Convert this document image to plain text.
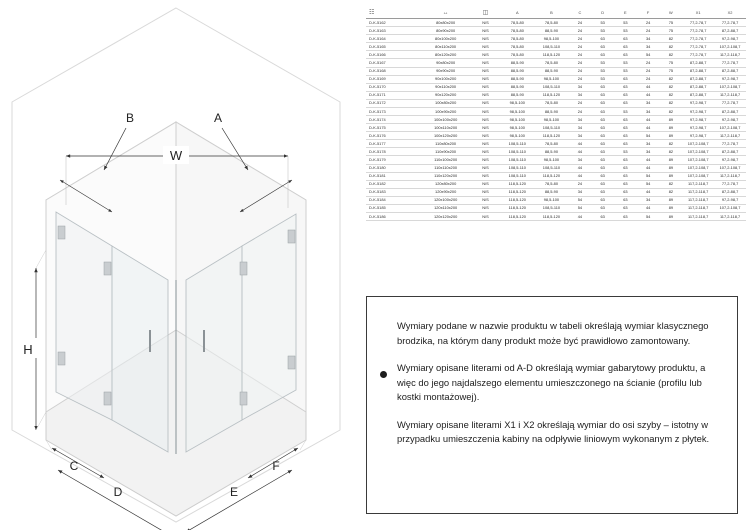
W
A
B
H
C
D
F
E
☷	↔	◫	A	B	C	D	E	F	W	X1	X2
D-K-5162	80x80x200	N/S	78,5-80	78,5-80	24	53	53	24	75	77,2-78,7	77,2-78,7
D-K-5163	80x90x200	N/S	78,5-80	88,5-90	24	53	53	24	75	77,2-78,7	87,2-88,7
D-K-5164	80x100x200	N/S	78,5-80	98,5-100	24	63	63	34	82	77,2-78,7	97,2-98,7
D-K-5165	80x110x200	N/S	78,5-80	108,5-110	24	63	63	34	82	77,2-78,7	107,2-108,7
D-K-5166	80x120x200	N/S	78,5-80	118,5-120	24	63	63	54	82	77,2-78,7	117,2-118,7
D-K-5167	90x80x200	N/S	88,5-90	78,5-80	24	53	53	24	75	87,2-88,7	77,2-78,7
D-K-5168	90x90x200	N/S	88,5-90	88,5-90	24	53	53	24	75	87,2-88,7	87,2-88,7
D-K-5169	90x100x200	N/S	88,5-90	98,5-100	24	53	63	24	82	87,2-88,7	97,2-98,7
D-K-5170	90x110x200	N/S	88,5-90	108,5-110	34	63	63	44	82	87,2-88,7	107,2-108,7
D-K-5171	90x120x200	N/S	88,5-90	118,5-120	34	63	63	44	82	87,2-88,7	117,2-118,7
D-K-5172	100x80x200	N/S	98,5-100	78,5-80	24	63	63	34	82	97,2-98,7	77,2-78,7
D-K-5173	100x90x200	N/S	98,5-100	88,5-90	24	63	53	34	82	97,2-98,7	87,2-88,7
D-K-5174	100x100x200	N/S	98,5-100	98,5-100	34	63	63	44	89	97,2-98,7	97,2-98,7
D-K-5175	100x110x200	N/S	98,5-100	108,5-110	34	63	63	44	89	97,2-98,7	107,2-108,7
D-K-5176	100x120x200	N/S	98,5-100	118,5-120	34	63	63	54	89	97,2-98,7	117,2-118,7
D-K-5177	110x80x200	N/S	108,5-110	78,5-80	44	63	63	34	82	107,2-108,7	77,2-78,7
D-K-5178	110x90x200	N/S	108,5-110	88,5-90	44	63	53	34	82	107,2-108,7	87,2-88,7
D-K-5179	110x100x200	N/S	108,5-110	98,5-100	34	63	63	44	89	107,2-108,7	97,2-98,7
D-K-5180	110x110x200	N/S	108,5-110	108,5-110	44	63	63	44	89	107,2-108,7	107,2-108,7
D-K-5181	110x120x200	N/S	108,5-110	118,5-120	44	63	63	54	89	107,2-108,7	117,2-118,7
D-K-5182	120x80x200	N/S	118,5-120	78,5-80	24	63	63	54	82	117,2-118,7	77,2-78,7
D-K-5183	120x90x200	N/S	118,5-120	88,5-90	34	63	63	44	82	117,2-118,7	87,2-88,7
D-K-5184	120x100x200	N/S	118,5-120	98,5-100	54	63	63	34	89	117,2-118,7	97,2-98,7
D-K-5185	120x110x200	N/S	118,5-120	108,5-110	54	63	63	44	89	117,2-118,7	107,2-108,7
D-K-5186	120x120x200	N/S	118,5-120	118,5-120	44	63	63	54	89	117,2-118,7	117,2-118,7

Wymiary podane w nazwie produktu w tabeli określają wymiar klasycznego brodzika, na którym dany produkt może być prawidłowo zamontowany.

Wymiary opisane literami od A-D określają wymiar gabarytowy produktu, a więc do jego najdalszego elementu umieszczonego na ścianie (profilu lub kostki montażowej).

Wymiary opisane literami X1 i X2 określają wymiar do osi szyby – istotny w przypadku umieszczenia kabiny na odpływie liniowym wykonanym z płytek.
